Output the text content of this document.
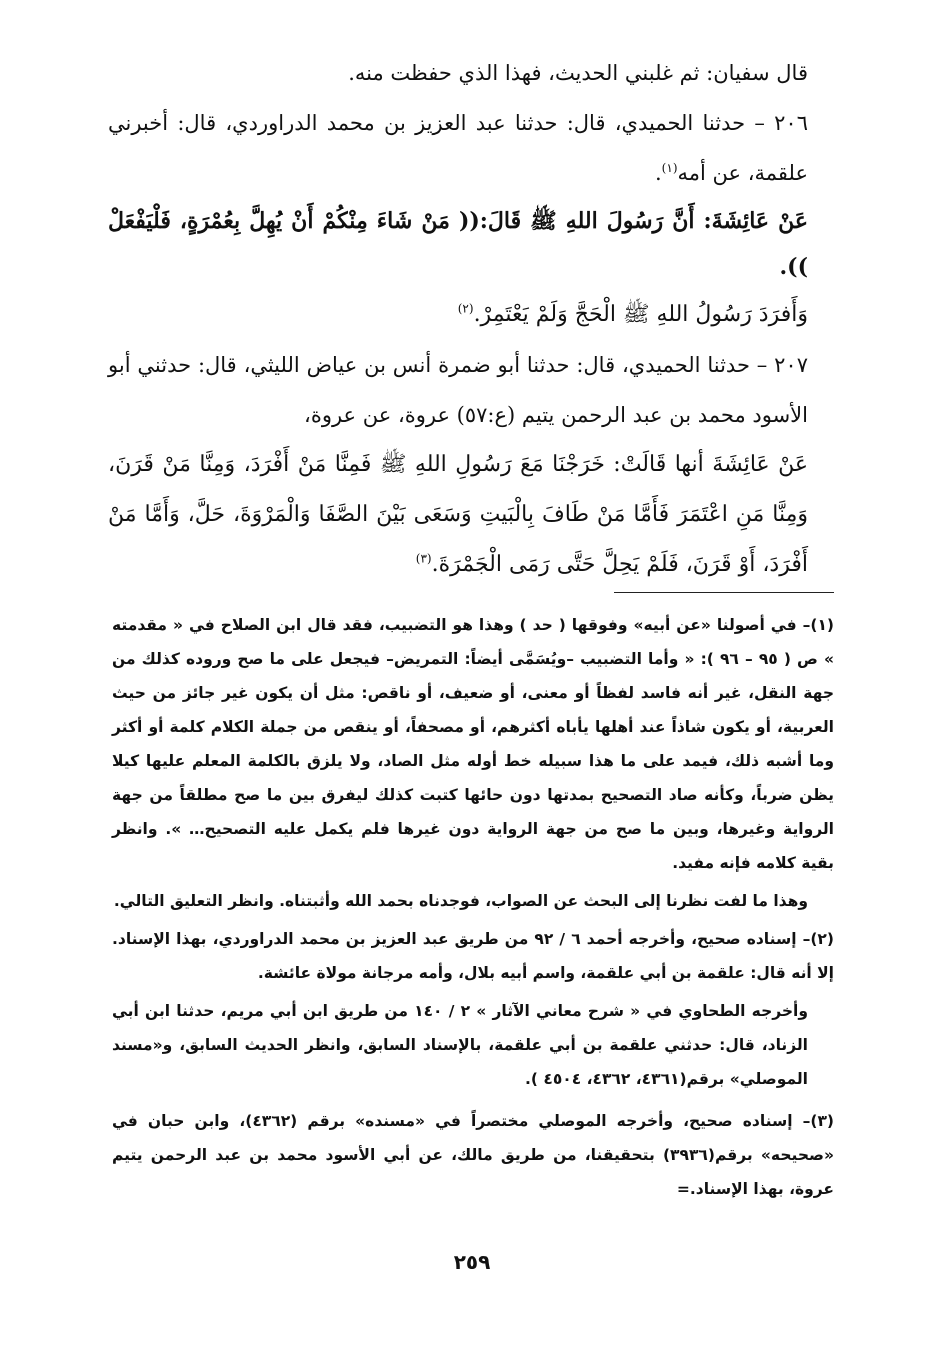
قال سفيان: ثم غلبني الحديث، فهذا الذي حفظت منه.

٢٠٦ – حدثنا الحميدي، قال: حدثنا عبد العزيز بن محمد الدراوردي، قال: أخبرني علقمة، عن أمه$^{(١)}$.

عَنْ عَائِشَةَ: أَنَّ رَسُولَ اللهِ ﷺ قَالَ:(( مَنْ شَاءَ مِنْكُمْ أَنْ يُهِلَّ بِعُمْرَةٍ، فَلْيَفْعَلْ )).

وَأَفرَدَ رَسُولُ اللهِ ﷺ الْحَجَّ وَلَمْ يَعْتَمِرْ.$^{(٢)}$

٢٠٧ – حدثنا الحميدي، قال: حدثنا أبو ضمرة أنس بن عياض الليثي، قال: حدثني أبو الأسود محمد بن عبد الرحمن يتيم (ع:٥٧) عروة، عن عروة،

عَنْ عَائِشَةَ أنها قَالَتْ: خَرَجْنَا مَعَ رَسُولِ اللهِ ﷺ فَمِنَّا مَنْ أَفْرَدَ، وَمِنَّا مَنْ قَرَنَ، وَمِنَّا مَنِ اعْتَمَرَ فَأَمَّا مَنْ طَافَ بِالْبَيتِ وَسَعَى بَيْنَ الصَّفَا وَالْمَرْوَةَ، حَلَّ، وَأَمَّا مَنْ أَفْرَدَ، أَوْ قَرَنَ، فَلَمْ يَحِلَّ حَتَّى رَمَى الْجَمْرَةَ.$^{(٣)}$

(١)– في أصولنا «عن أبيه» وفوقها ( حد ) وهذا هو التضبيب، فقد قال ابن الصلاح في « مقدمته » ص ( ٩٥ – ٩٦ ): « وأما التضبيب –ويُسَمَّى أيضاً: التمريض– فيجعل على ما صح وروده كذلك من جهة النقل، غير أنه فاسد لفظاً أو معنى، أو ضعيف، أو ناقص: مثل أن يكون غير جائز من حيث العربية، أو يكون شاذاً عند أهلها يأباه أكثرهم، أو مصحفاً، أو ينقص من جملة الكلام كلمة أو أكثر وما أشبه ذلك، فيمد على ما هذا سبيله خط أوله مثل الصاد، ولا يلزق بالكلمة المعلم عليها كيلا يظن ضرباً، وكأنه صاد التصحيح بمدتها دون حائها كتبت كذلك ليفرق بين ما صح مطلقاً من جهة الرواية وغيرها، وبين ما صح من جهة الرواية دون غيرها فلم يكمل عليه التصحيح… ». وانظر بقية كلامه فإنه مفيد.

وهذا ما لفت نظرنا إلى البحث عن الصواب، فوجدناه بحمد الله وأثبتناه. وانظر التعليق التالي.

(٢)– إسناده صحيح، وأخرجه أحمد ٦ / ٩٢ من طريق عبد العزيز بن محمد الدراوردي، بهذا الإسناد. إلا أنه قال: علقمة بن أبي علقمة، واسم أبيه بلال، وأمه مرجانة مولاة عائشة.

وأخرجه الطحاوي في « شرح معاني الآثار » ٢ / ١٤٠ من طريق ابن أبي مريم، حدثنا ابن أبي الزناد، قال: حدثني علقمة بن أبي علقمة، بالإسناد السابق، وانظر الحديث السابق، و«مسند الموصلي» برقم(٤٣٦١، ٤٣٦٢، ٤٥٠٤ ).

(٣)– إسناده صحيح، وأخرجه الموصلي مختصراً في «مسنده» برقم (٤٣٦٢)، وابن حبان في «صحيحه» برقم(٣٩٣٦) بتحقيقنا، من طريق مالك، عن أبي الأسود محمد بن عبد الرحمن يتيم عروة، بهذا الإسناد.=

٢٥٩
